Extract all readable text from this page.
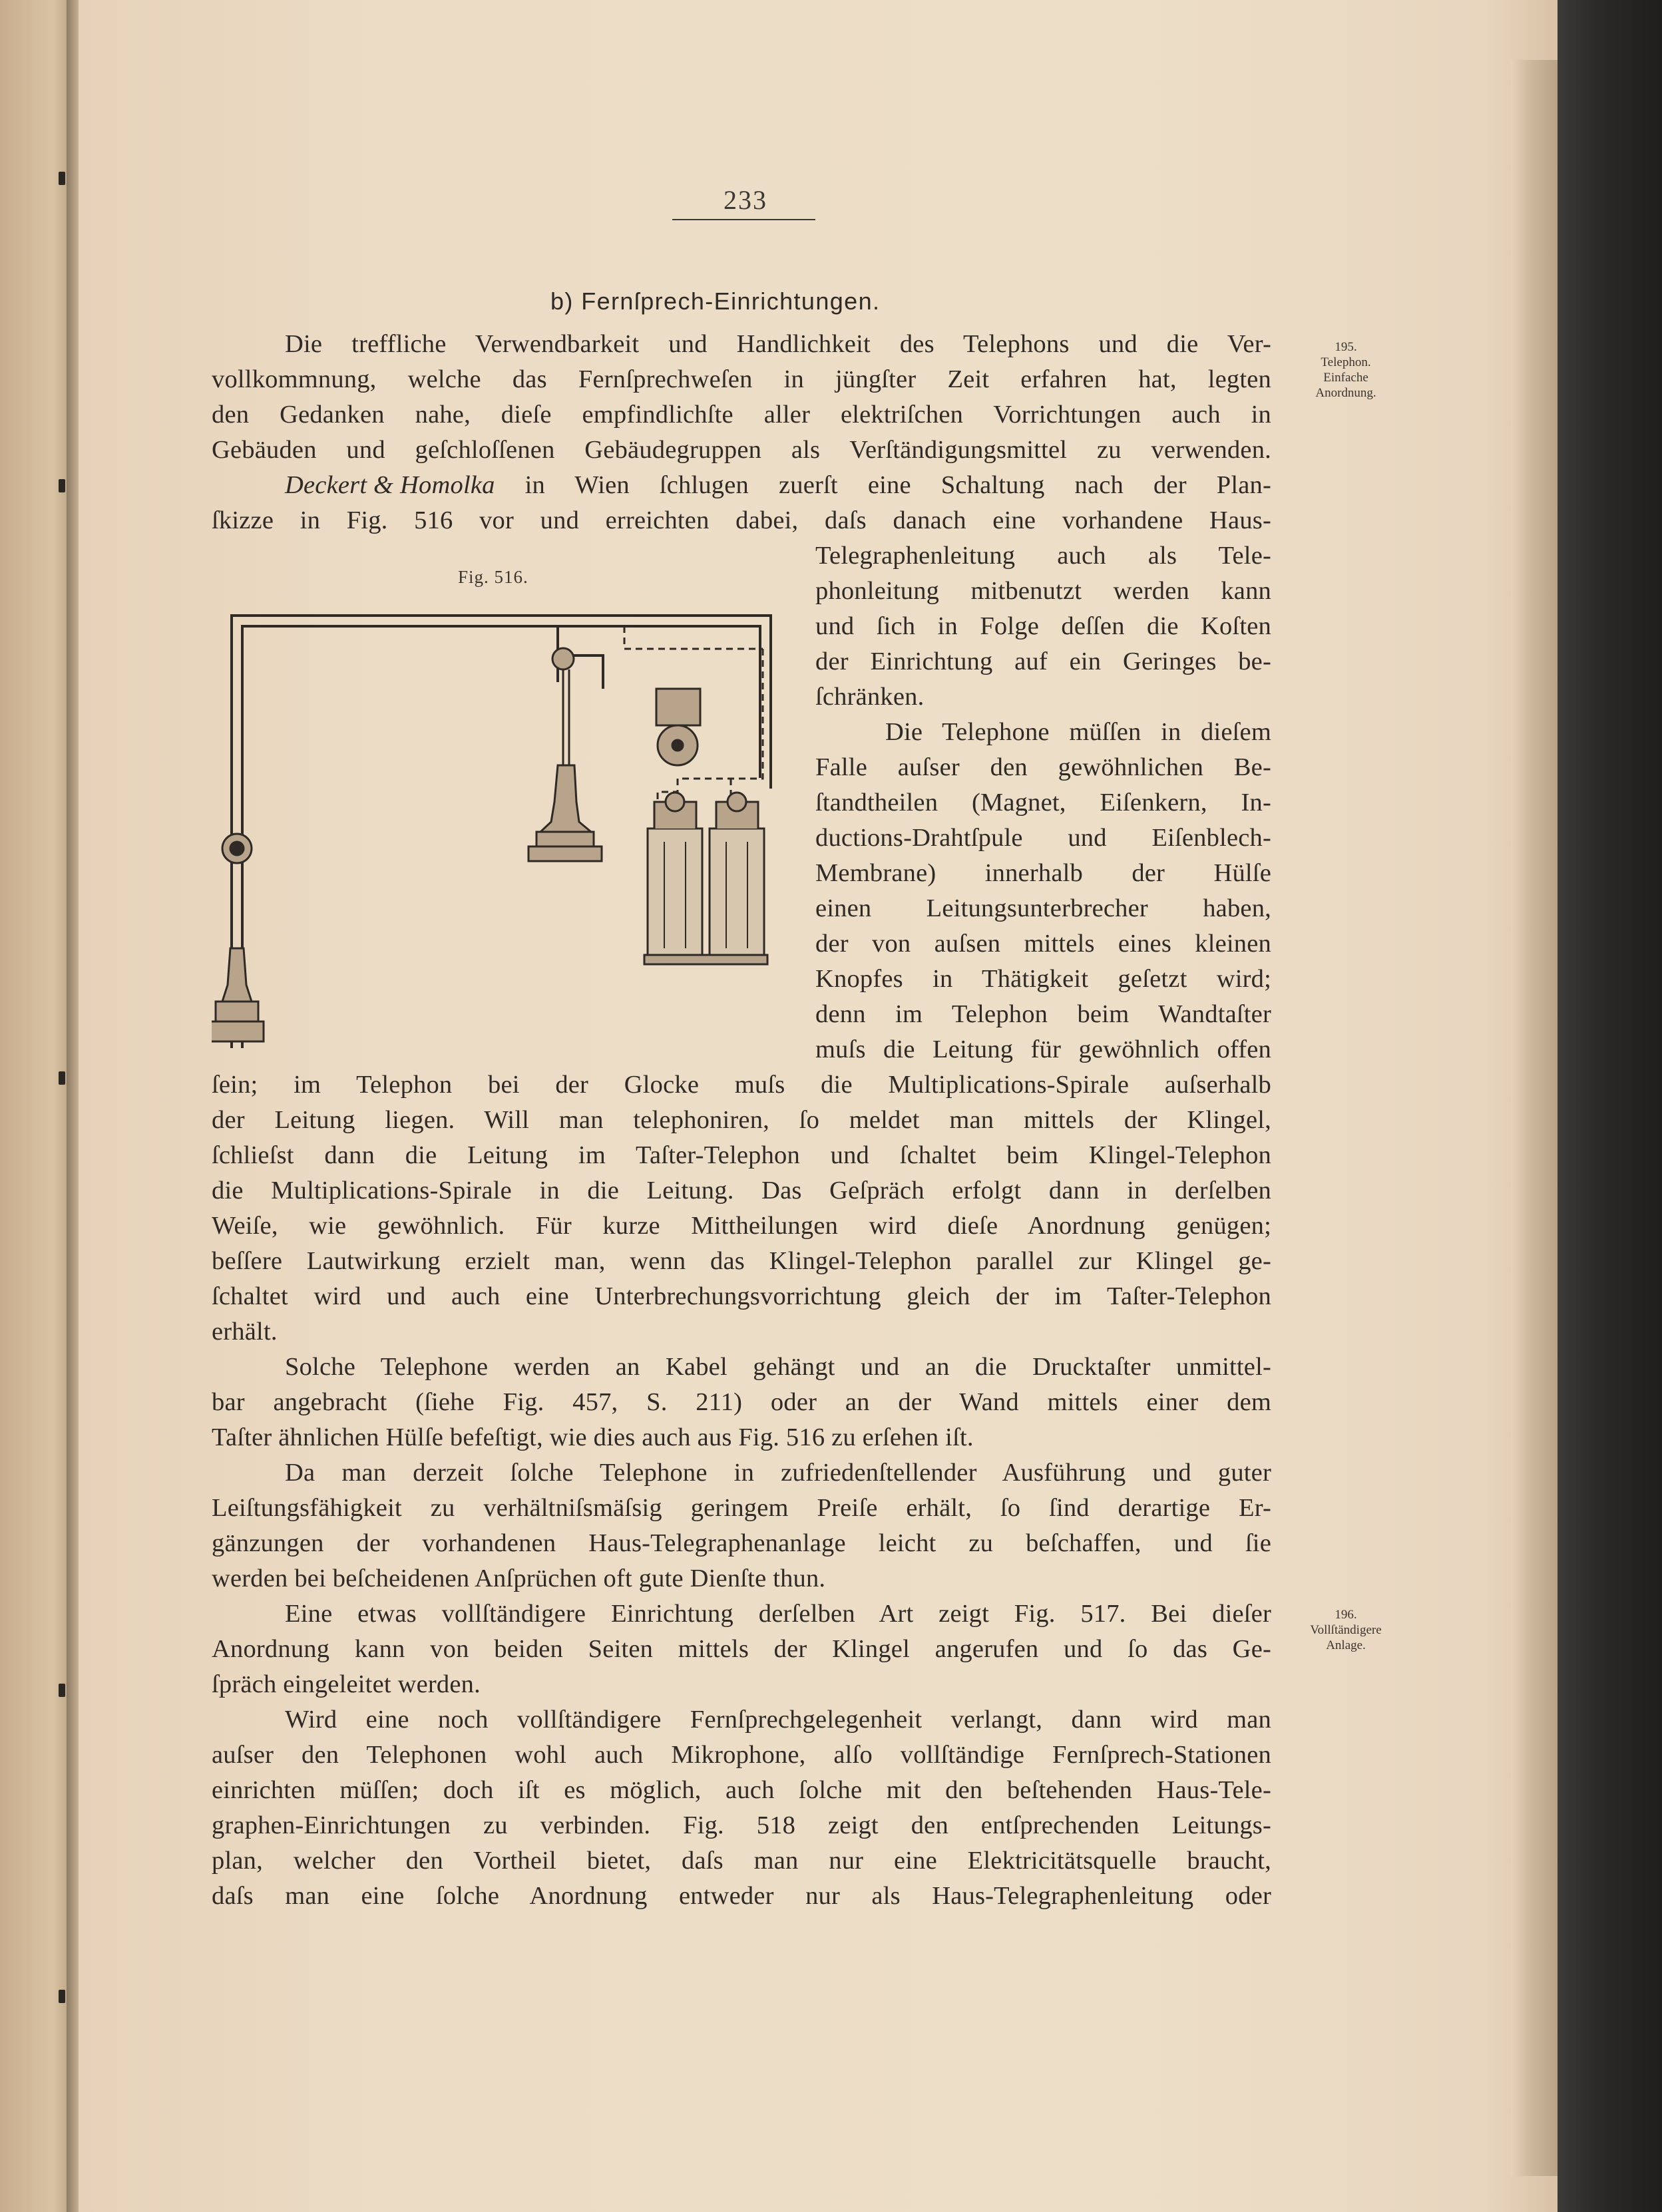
233
b) Fernſprech-Einrichtungen.
195.
Telephon.
Einfache
Anordnung.
196.
Vollſtändigere
Anlage.
Fig. 516.
Die treffliche Verwendbarkeit und Handlichkeit des Telephons und die Ver-
vollkommnung, welche das Fernſprechweſen in jüngſter Zeit erfahren hat, legten
den Gedanken nahe, dieſe empfindlichſte aller elektriſchen Vorrichtungen auch in
Gebäuden und geſchloſſenen Gebäudegruppen als Verſtändigungsmittel zu verwenden.
Deckert & Homolka in Wien ſchlugen zuerſt eine Schaltung nach der Plan-
ſkizze in Fig. 516 vor und erreichten dabei, daſs danach eine vorhandene Haus-
Telegraphenleitung auch als Tele-
phonleitung mitbenutzt werden kann
und ſich in Folge deſſen die Koſten
der Einrichtung auf ein Geringes be-
ſchränken.
Die Telephone müſſen in dieſem
Falle auſser den gewöhnlichen Be-
ſtandtheilen (Magnet, Eiſenkern, In-
ductions-Drahtſpule und Eiſenblech-
Membrane) innerhalb der Hülſe
einen Leitungsunterbrecher haben,
der von auſsen mittels eines kleinen
Knopfes in Thätigkeit geſetzt wird;
denn im Telephon beim Wandtaſter
muſs die Leitung für gewöhnlich offen
ſein; im Telephon bei der Glocke muſs die Multiplications-Spirale auſserhalb
der Leitung liegen. Will man telephoniren, ſo meldet man mittels der Klingel,
ſchlieſst dann die Leitung im Taſter-Telephon und ſchaltet beim Klingel-Telephon
die Multiplications-Spirale in die Leitung. Das Geſpräch erfolgt dann in derſelben
Weiſe, wie gewöhnlich. Für kurze Mittheilungen wird dieſe Anordnung genügen;
beſſere Lautwirkung erzielt man, wenn das Klingel-Telephon parallel zur Klingel ge-
ſchaltet wird und auch eine Unterbrechungsvorrichtung gleich der im Taſter-Telephon
erhält.
Solche Telephone werden an Kabel gehängt und an die Drucktaſter unmittel-
bar angebracht (ſiehe Fig. 457, S. 211) oder an der Wand mittels einer dem
Taſter ähnlichen Hülſe befeſtigt, wie dies auch aus Fig. 516 zu erſehen iſt.
Da man derzeit ſolche Telephone in zufriedenſtellender Ausführung und guter
Leiſtungsfähigkeit zu verhältniſsmäſsig geringem Preiſe erhält, ſo ſind derartige Er-
gänzungen der vorhandenen Haus-Telegraphenanlage leicht zu beſchaffen, und ſie
werden bei beſcheidenen Anſprüchen oft gute Dienſte thun.
Eine etwas vollſtändigere Einrichtung derſelben Art zeigt Fig. 517. Bei dieſer
Anordnung kann von beiden Seiten mittels der Klingel angerufen und ſo das Ge-
ſpräch eingeleitet werden.
Wird eine noch vollſtändigere Fernſprechgelegenheit verlangt, dann wird man
auſser den Telephonen wohl auch Mikrophone, alſo vollſtändige Fernſprech-Stationen
einrichten müſſen; doch iſt es möglich, auch ſolche mit den beſtehenden Haus-Tele-
graphen-Einrichtungen zu verbinden. Fig. 518 zeigt den entſprechenden Leitungs-
plan, welcher den Vortheil bietet, daſs man nur eine Elektricitätsquelle braucht,
daſs man eine ſolche Anordnung entweder nur als Haus-Telegraphenleitung oder
